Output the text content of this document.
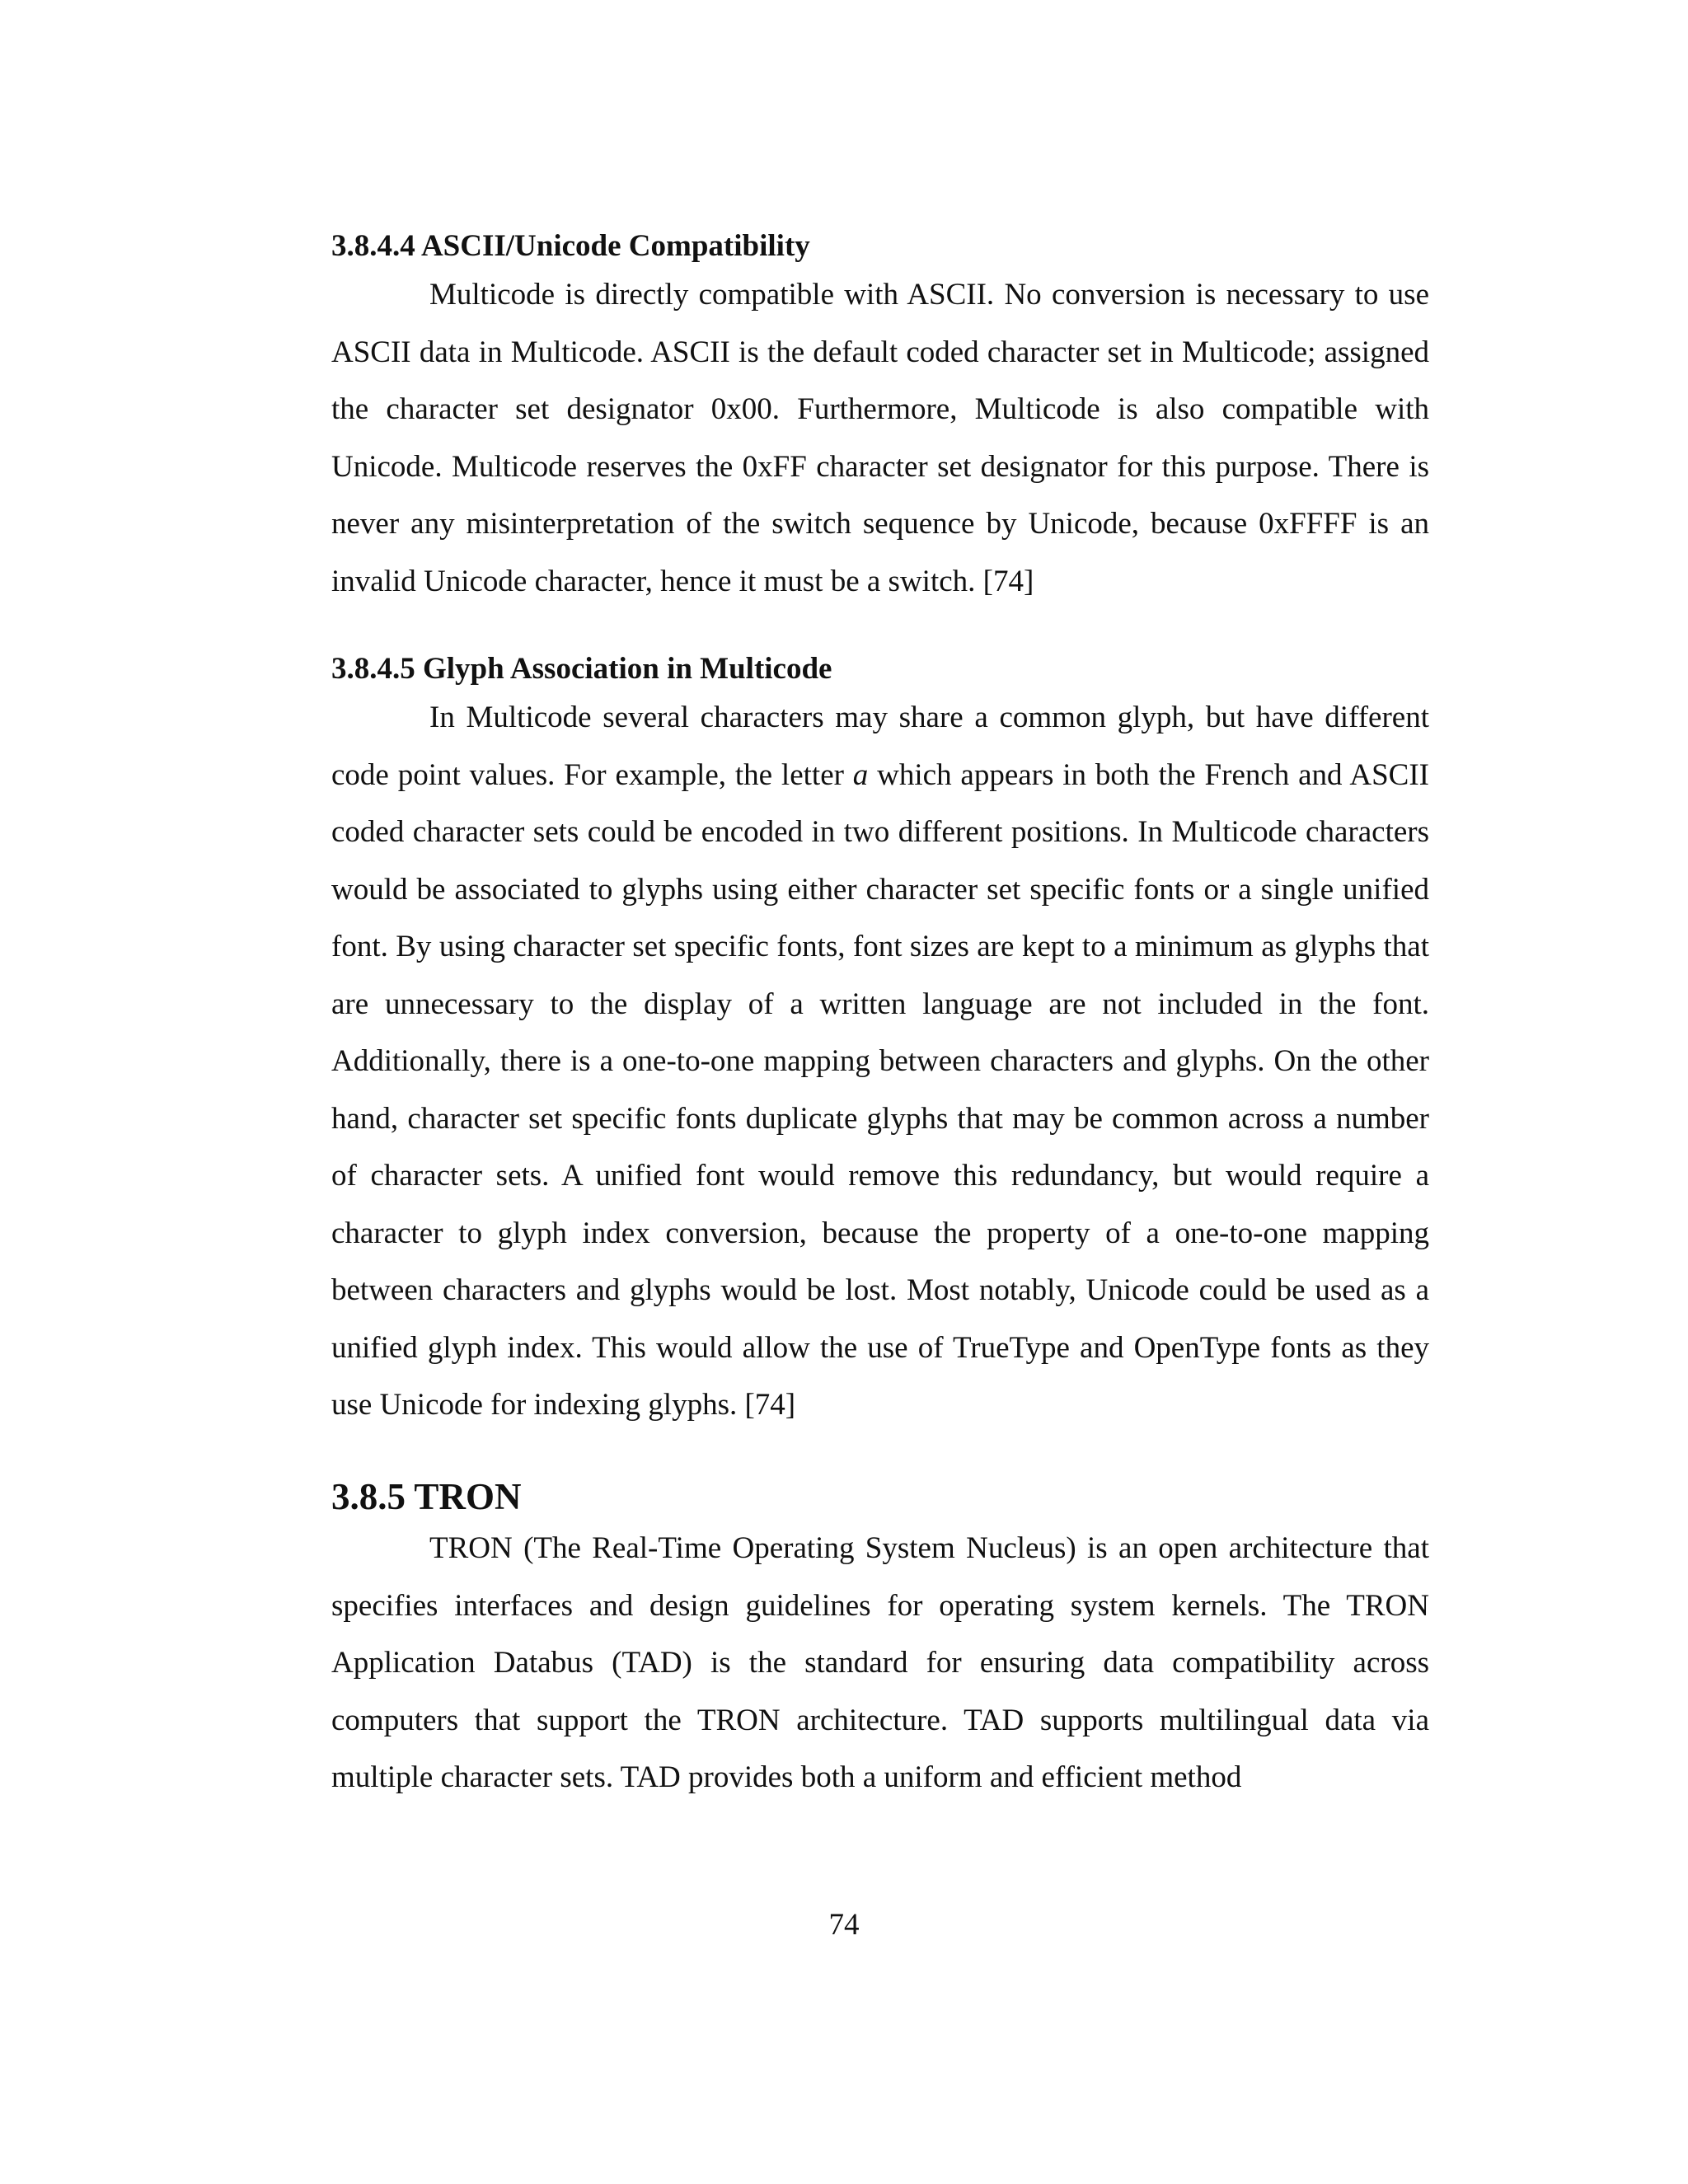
3.8.4.4 ASCII/Unicode Compatibility

Multicode is directly compatible with ASCII. No conversion is necessary to use ASCII data in Multicode. ASCII is the default coded character set in Multicode; assigned the character set designator 0x00. Furthermore, Multicode is also compatible with Unicode. Multicode reserves the 0xFF character set designator for this purpose. There is never any misinterpretation of the switch sequence by Unicode, because 0xFFFF is an invalid Unicode character, hence it must be a switch. [74]

3.8.4.5 Glyph Association in Multicode

In Multicode several characters may share a common glyph, but have different code point values. For example, the letter a which appears in both the French and ASCII coded character sets could be encoded in two different positions. In Multicode characters would be associated to glyphs using either character set specific fonts or a single unified font. By using character set specific fonts, font sizes are kept to a minimum as glyphs that are unnecessary to the display of a written language are not included in the font. Additionally, there is a one-to-one mapping between characters and glyphs. On the other hand, character set specific fonts duplicate glyphs that may be common across a number of character sets. A unified font would remove this redundancy, but would require a character to glyph index conversion, because the property of a one-to-one mapping between characters and glyphs would be lost. Most notably, Unicode could be used as a unified glyph index. This would allow the use of TrueType and OpenType fonts as they use Unicode for indexing glyphs. [74]

3.8.5 TRON

TRON (The Real-Time Operating System Nucleus) is an open architecture that specifies interfaces and design guidelines for operating system kernels. The TRON Application Databus (TAD) is the standard for ensuring data compatibility across computers that support the TRON architecture. TAD supports multilingual data via multiple character sets. TAD provides both a uniform and efficient method

74
